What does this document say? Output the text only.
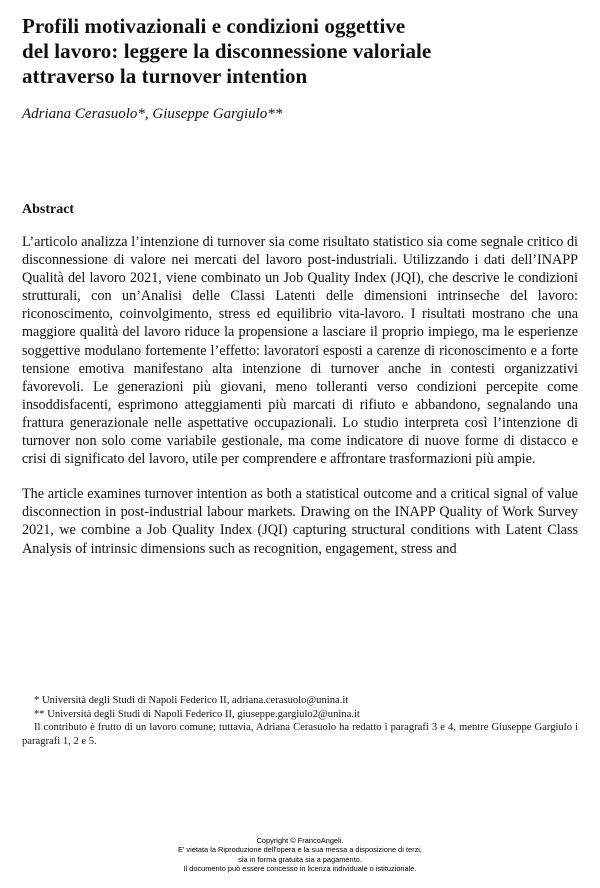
Profili motivazionali e condizioni oggettive
del lavoro: leggere la disconnessione valoriale
attraverso la turnover intention
Adriana Cerasuolo*, Giuseppe Gargiulo**
Abstract

L’articolo analizza l’intenzione di turnover sia come risultato statistico sia come segnale critico di disconnessione di valore nei mercati del lavoro post-industriali. Utilizzando i dati dell’INAPP Qualità del lavoro 2021, viene combinato un Job Quality Index (JQI), che descrive le condizioni strutturali, con un’Analisi delle Classi Latenti delle dimensioni intrinseche del lavoro: riconoscimento, coinvolgimento, stress ed equilibrio vita-lavoro. I risultati mostrano che una maggiore qualità del lavoro riduce la propensione a lasciare il proprio impiego, ma le esperienze soggettive modulano fortemente l’effetto: lavoratori esposti a carenze di riconoscimento e a forte tensione emotiva manifestano alta intenzione di turnover anche in contesti organizzativi favorevoli. Le generazioni più giovani, meno tolleranti verso condizioni percepite come insoddisfacenti, esprimono atteggiamenti più marcati di rifiuto e abbandono, segnalando una frattura generazionale nelle aspettative occupazionali. Lo studio interpreta così l’intenzione di turnover non solo come variabile gestionale, ma come indicatore di nuove forme di distacco e crisi di significato del lavoro, utile per comprendere e affrontare trasformazioni più ampie.

The article examines turnover intention as both a statistical outcome and a critical signal of value disconnection in post-industrial labour markets. Drawing on the INAPP Quality of Work Survey 2021, we combine a Job Quality Index (JQI) capturing structural conditions with Latent Class Analysis of intrinsic dimensions such as recognition, engagement, stress and

* Università degli Studi di Napoli Federico II, adriana.cerasuolo@unina.it
** Università degli Studi di Napoli Federico II, giuseppe.gargiulo2@unina.it
Il contributo è frutto di un lavoro comune; tuttavia, Adriana Cerasuolo ha redatto i paragrafi 3 e 4, mentre Giuseppe Gargiulo i paragrafi 1, 2 e 5.
Copyright © FrancoAngeli.
E' vietata la Riproduzione dell'opera e la sua messa a disposizione di terzi,
sia in forma gratuita sia a pagamento.
Il documento può essere concesso in licenza individuale o istituzionale.
